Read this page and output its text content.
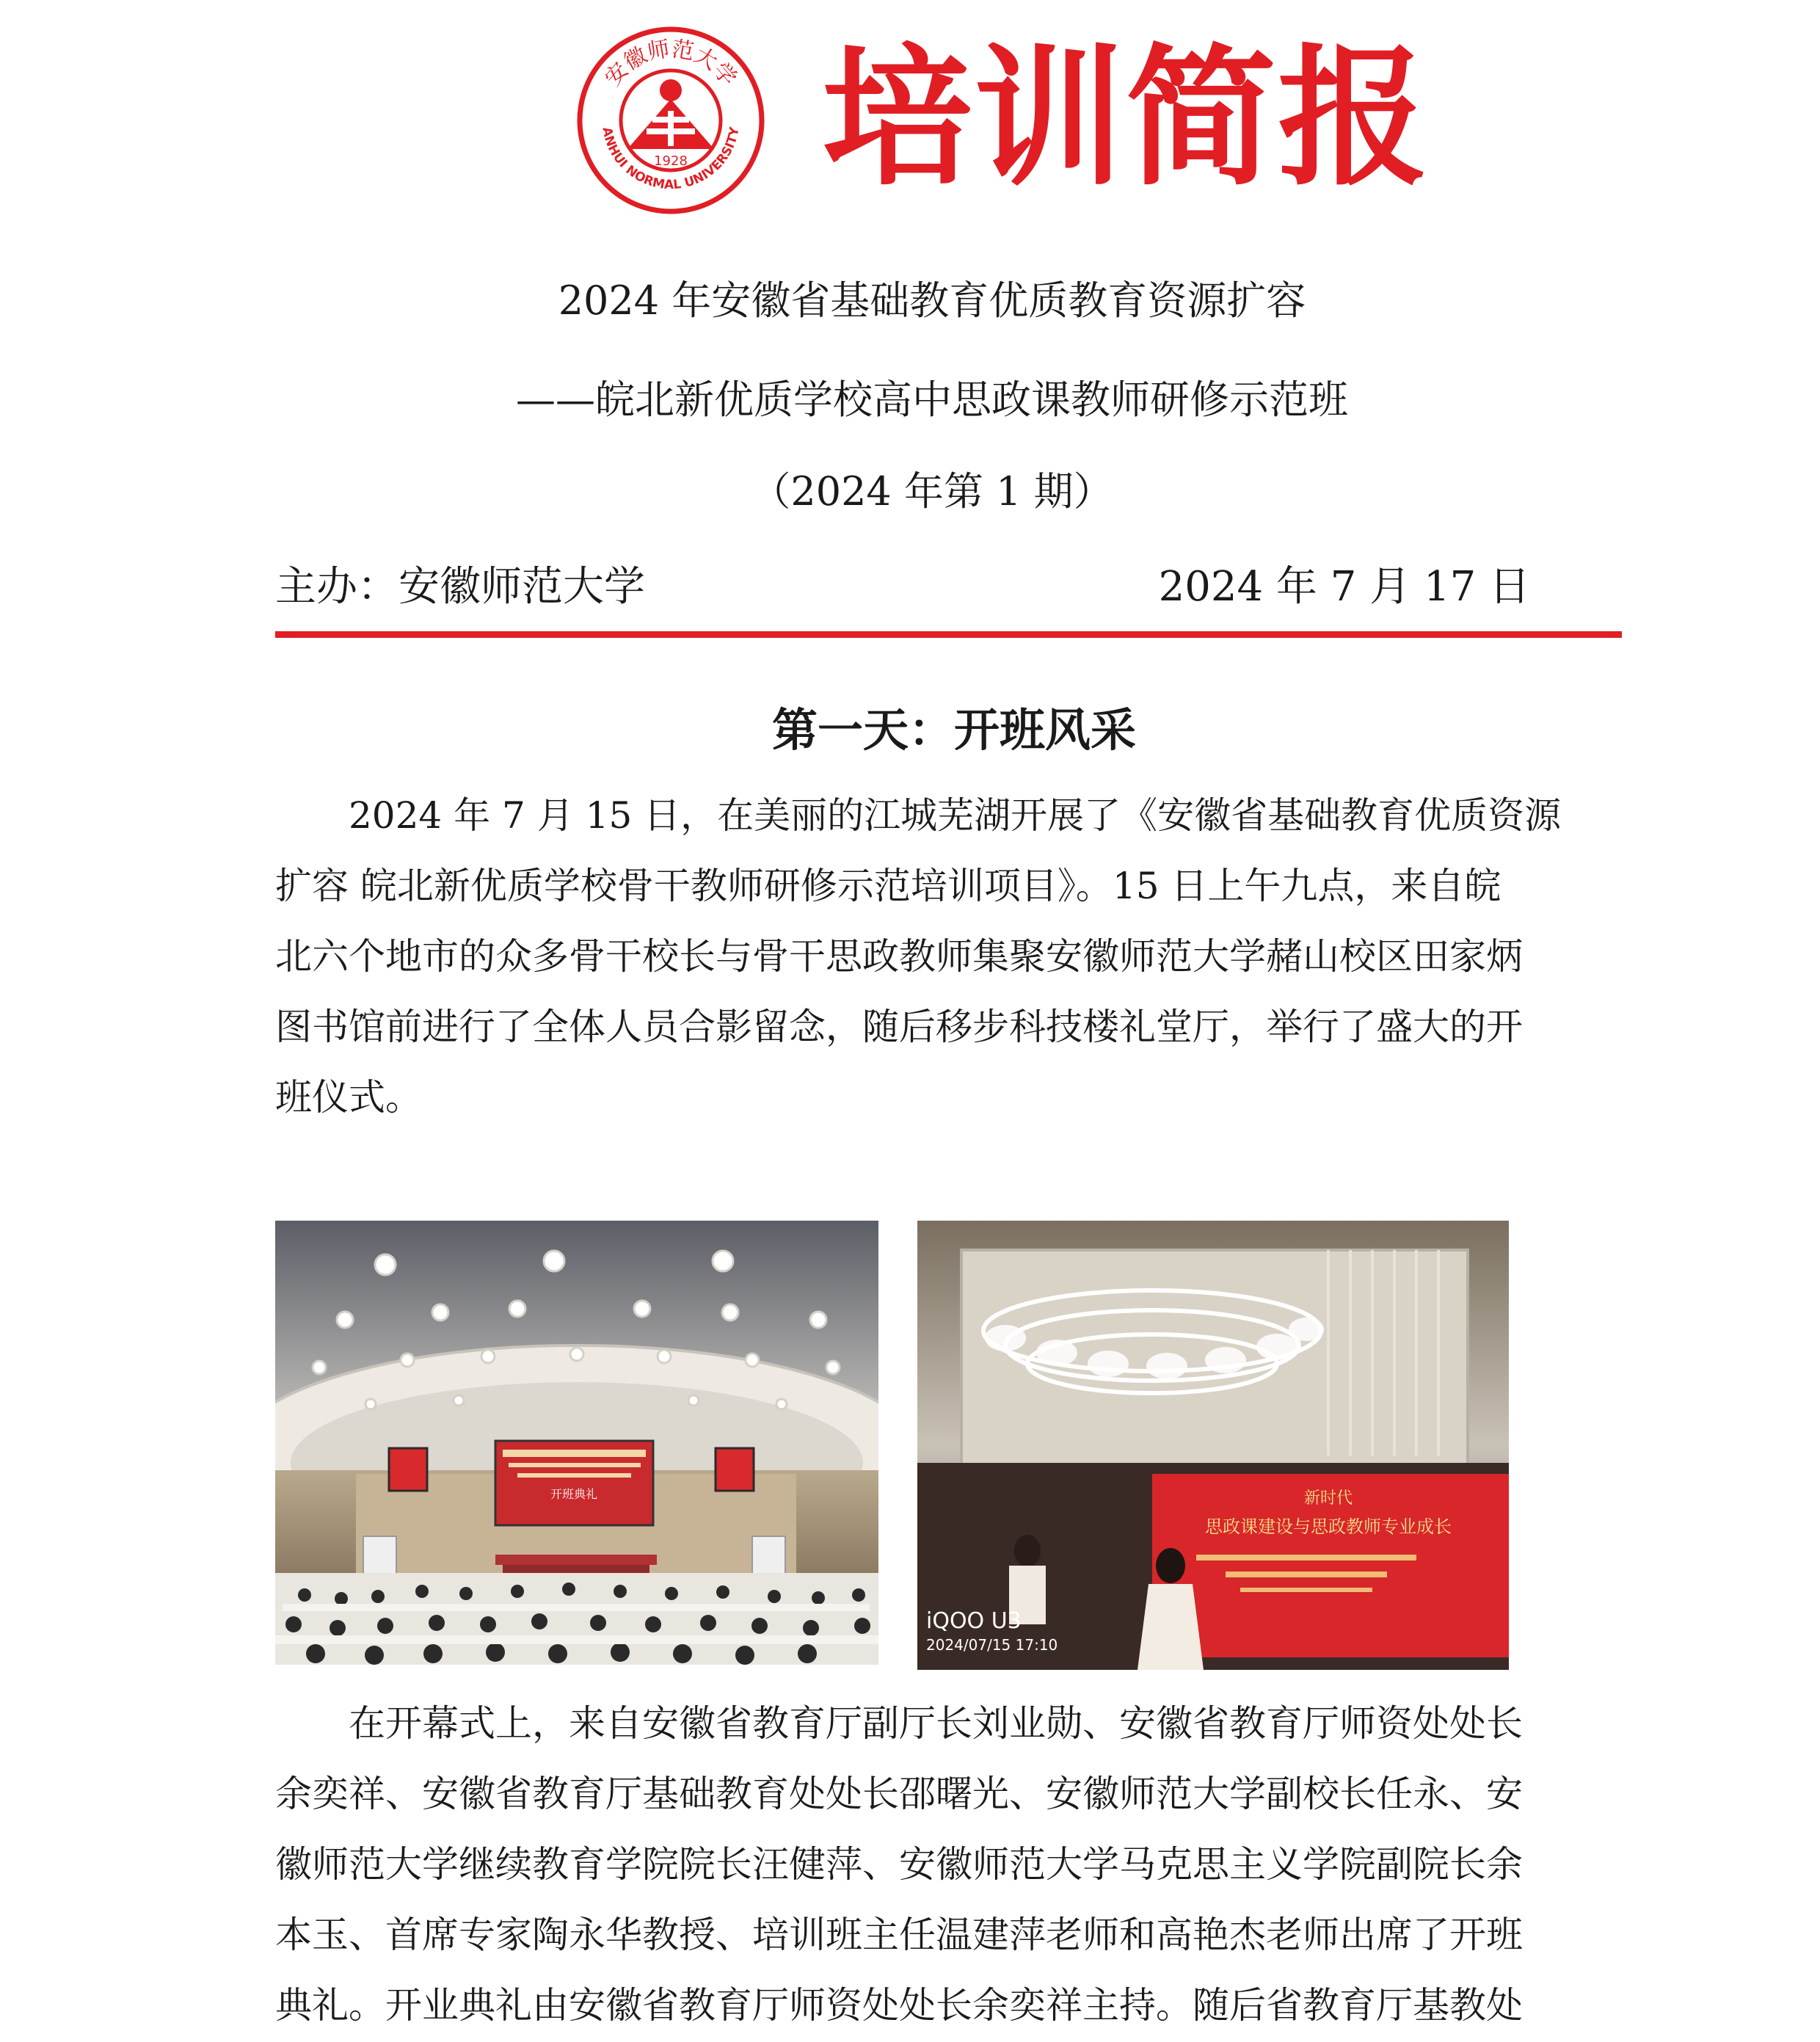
安徽师范大学
ANHUI NORMAL UNIVERSITY
1928 培训简报
2024 年安徽省基础教育优质教育资源扩容
——皖北新优质学校高中思政课教师研修示范班
（2024 年第 1 期）
主办：安徽师范大学	2024 年 7 月 17 日
第一天：开班风采
2024 年 7 月 15 日，在美丽的江城芜湖开展了《安徽省基础教育优质资源
扩容 皖北新优质学校骨干教师研修示范培训项目》。15 日上午九点，来自皖
北六个地市的众多骨干校长与骨干思政教师集聚安徽师范大学赭山校区田家炳
图书馆前进行了全体人员合影留念，随后移步科技楼礼堂厅，举行了盛大的开
班仪式。
开班典礼	新时代
思政课建设与思政教师专业成长
iQOO U3
2024/07/15 17:10
在开幕式上，来自安徽省教育厅副厅长刘业勋、安徽省教育厅师资处处长
余奕祥、安徽省教育厅基础教育处处长邵曙光、安徽师范大学副校长任永、安
徽师范大学继续教育学院院长汪健萍、安徽师范大学马克思主义学院副院长余
本玉、首席专家陶永华教授、培训班主任温建萍老师和高艳杰老师出席了开班
典礼。开业典礼由安徽省教育厅师资处处长余奕祥主持。随后省教育厅基教处
